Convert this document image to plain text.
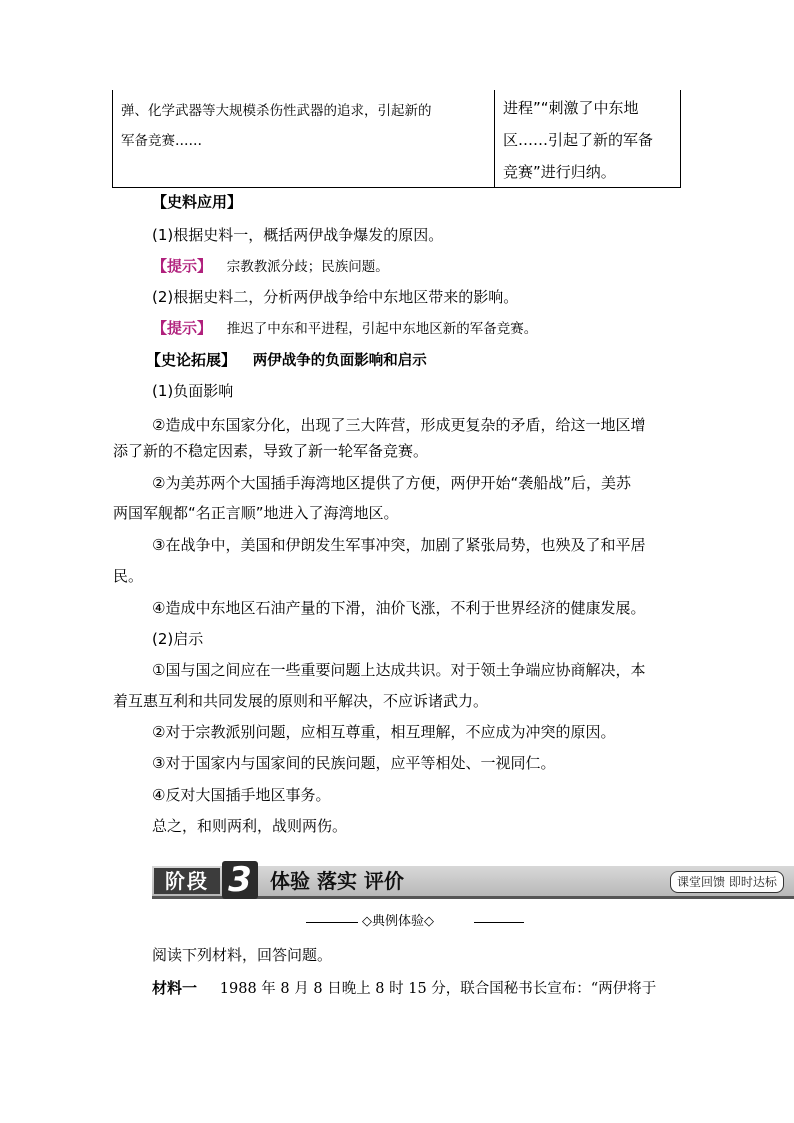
弹、化学武器等大规模杀伤性武器的追求，引起新的
军备竞赛……
进程”“刺激了中东地
区……引起了新的军备
竞赛”进行归纳。
【史料应用】
(1)根据史料一，概括两伊战争爆发的原因。
【提示】 宗教教派分歧；民族问题。
(2)根据史料二，分析两伊战争给中东地区带来的影响。
【提示】 推迟了中东和平进程，引起中东地区新的军备竞赛。
【史论拓展】 两伊战争的负面影响和启示
(1)负面影响
②造成中东国家分化，出现了三大阵营，形成更复杂的矛盾，给这一地区增
添了新的不稳定因素，导致了新一轮军备竞赛。
②为美苏两个大国插手海湾地区提供了方便，两伊开始“袭船战”后，美苏
两国军舰都“名正言顺”地进入了海湾地区。
③在战争中，美国和伊朗发生军事冲突，加剧了紧张局势，也殃及了和平居
民。
④造成中东地区石油产量的下滑，油价飞涨，不利于世界经济的健康发展。
(2)启示
①国与国之间应在一些重要问题上达成共识。对于领土争端应协商解决，本
着互惠互利和共同发展的原则和平解决，不应诉诸武力。
②对于宗教派别问题，应相互尊重，相互理解，不应成为冲突的原因。
③对于国家内与国家间的民族问题，应平等相处、一视同仁。
④反对大国插手地区事务。
总之，和则两利，战则两伤。
阶段 3 体验 落实 评价	课堂回馈 即时达标
◇典例体验◇
阅读下列材料，回答问题。
材料一 1988 年 8 月 8 日晚上 8 时 15 分，联合国秘书长宣布：“两伊将于
